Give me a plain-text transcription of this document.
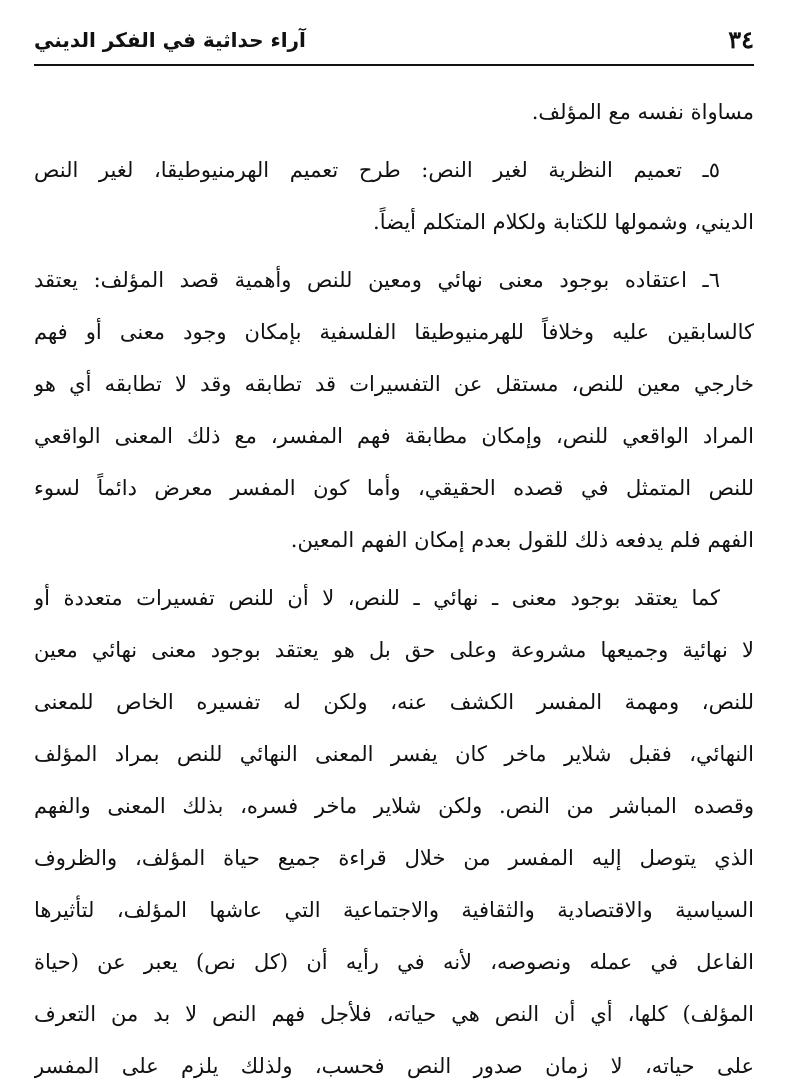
٣٤
آراء حداثية في الفكر الديني
مساواة نفسه مع المؤلف.
٥ـ تعميم النظرية لغير النص: طرح تعميم الهرمنيوطيقا، لغير النص
الديني، وشمولها للكتابة ولكلام المتكلم أيضاً.
٦ـ اعتقاده بوجود معنى نهائي ومعين للنص وأهمية قصد المؤلف: يعتقد
كالسابقين عليه وخلافاً للهرمنيوطيقا الفلسفية بإمكان وجود معنى أو فهم
خارجي معين للنص، مستقل عن التفسيرات قد تطابقه وقد لا تطابقه أي هو
المراد الواقعي للنص، وإمكان مطابقة فهم المفسر، مع ذلك المعنى الواقعي
للنص المتمثل في قصده الحقيقي، وأما كون المفسر معرض دائماً لسوء
الفهم فلم يدفعه ذلك للقول بعدم إمكان الفهم المعين.
كما يعتقد بوجود معنى ـ نهائي ـ للنص، لا أن للنص تفسيرات متعددة أو
لا نهائية وجميعها مشروعة وعلى حق بل هو يعتقد بوجود معنى نهائي معين
للنص، ومهمة المفسر الكشف عنه، ولكن له تفسيره الخاص للمعنى
النهائي، فقبل شلاير ماخر كان يفسر المعنى النهائي للنص بمراد المؤلف
وقصده المباشر من النص. ولكن شلاير ماخر فسره، بذلك المعنى والفهم
الذي يتوصل إليه المفسر من خلال قراءة جميع حياة المؤلف، والظروف
السياسية والاقتصادية والثقافية والاجتماعية التي عاشها المؤلف، لتأثيرها
الفاعل في عمله ونصوصه، لأنه في رأيه أن (كل نص) يعبر عن (حياة
المؤلف) كلها، أي أن النص هي حياته، فلأجل فهم النص لا بد من التعرف
على حياته، لا زمان صدور النص فحسب، ولذلك يلزم على المفسر
